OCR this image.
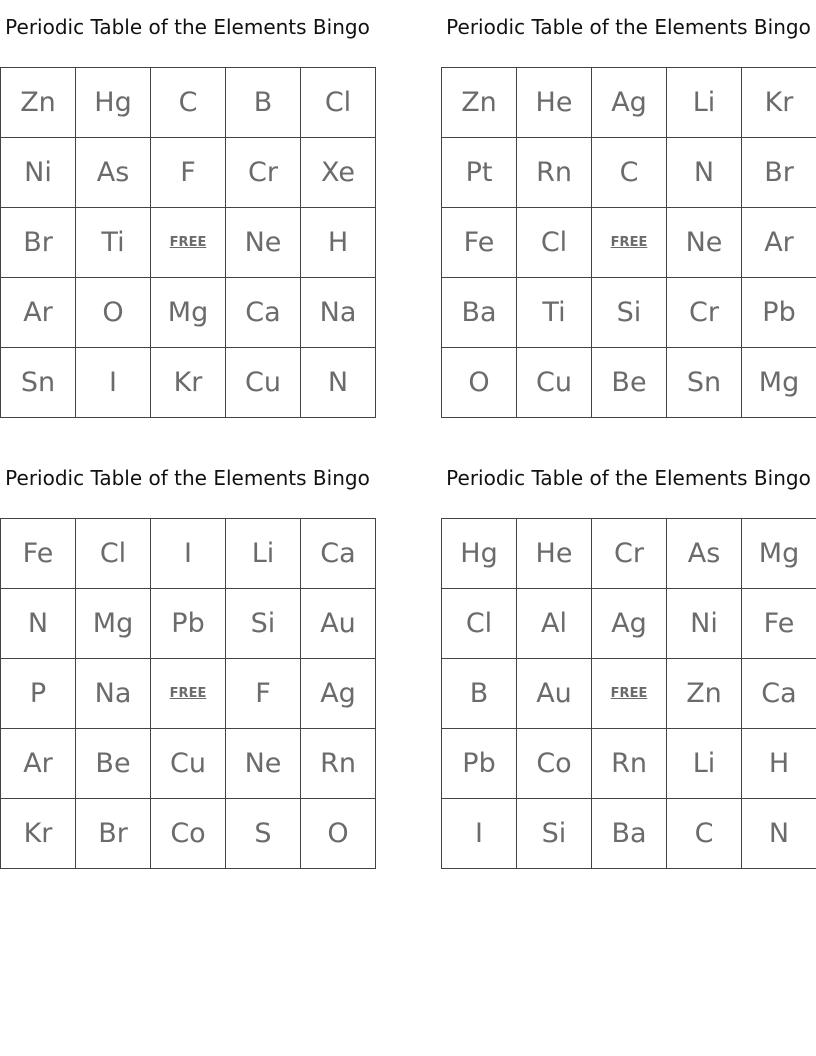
Periodic Table of the Elements Bingo
Zn	Hg	C	B	Cl
Ni	As	F	Cr	Xe
Br	Ti	FREE	Ne	H
Ar	O	Mg	Ca	Na
Sn	I	Kr	Cu	N
Periodic Table of the Elements Bingo
Zn	He	Ag	Li	Kr
Pt	Rn	C	N	Br
Fe	Cl	FREE	Ne	Ar
Ba	Ti	Si	Cr	Pb
O	Cu	Be	Sn	Mg
Periodic Table of the Elements Bingo
Fe	Cl	I	Li	Ca
N	Mg	Pb	Si	Au
P	Na	FREE	F	Ag
Ar	Be	Cu	Ne	Rn
Kr	Br	Co	S	O
Periodic Table of the Elements Bingo
Hg	He	Cr	As	Mg
Cl	Al	Ag	Ni	Fe
B	Au	FREE	Zn	Ca
Pb	Co	Rn	Li	H
I	Si	Ba	C	N
